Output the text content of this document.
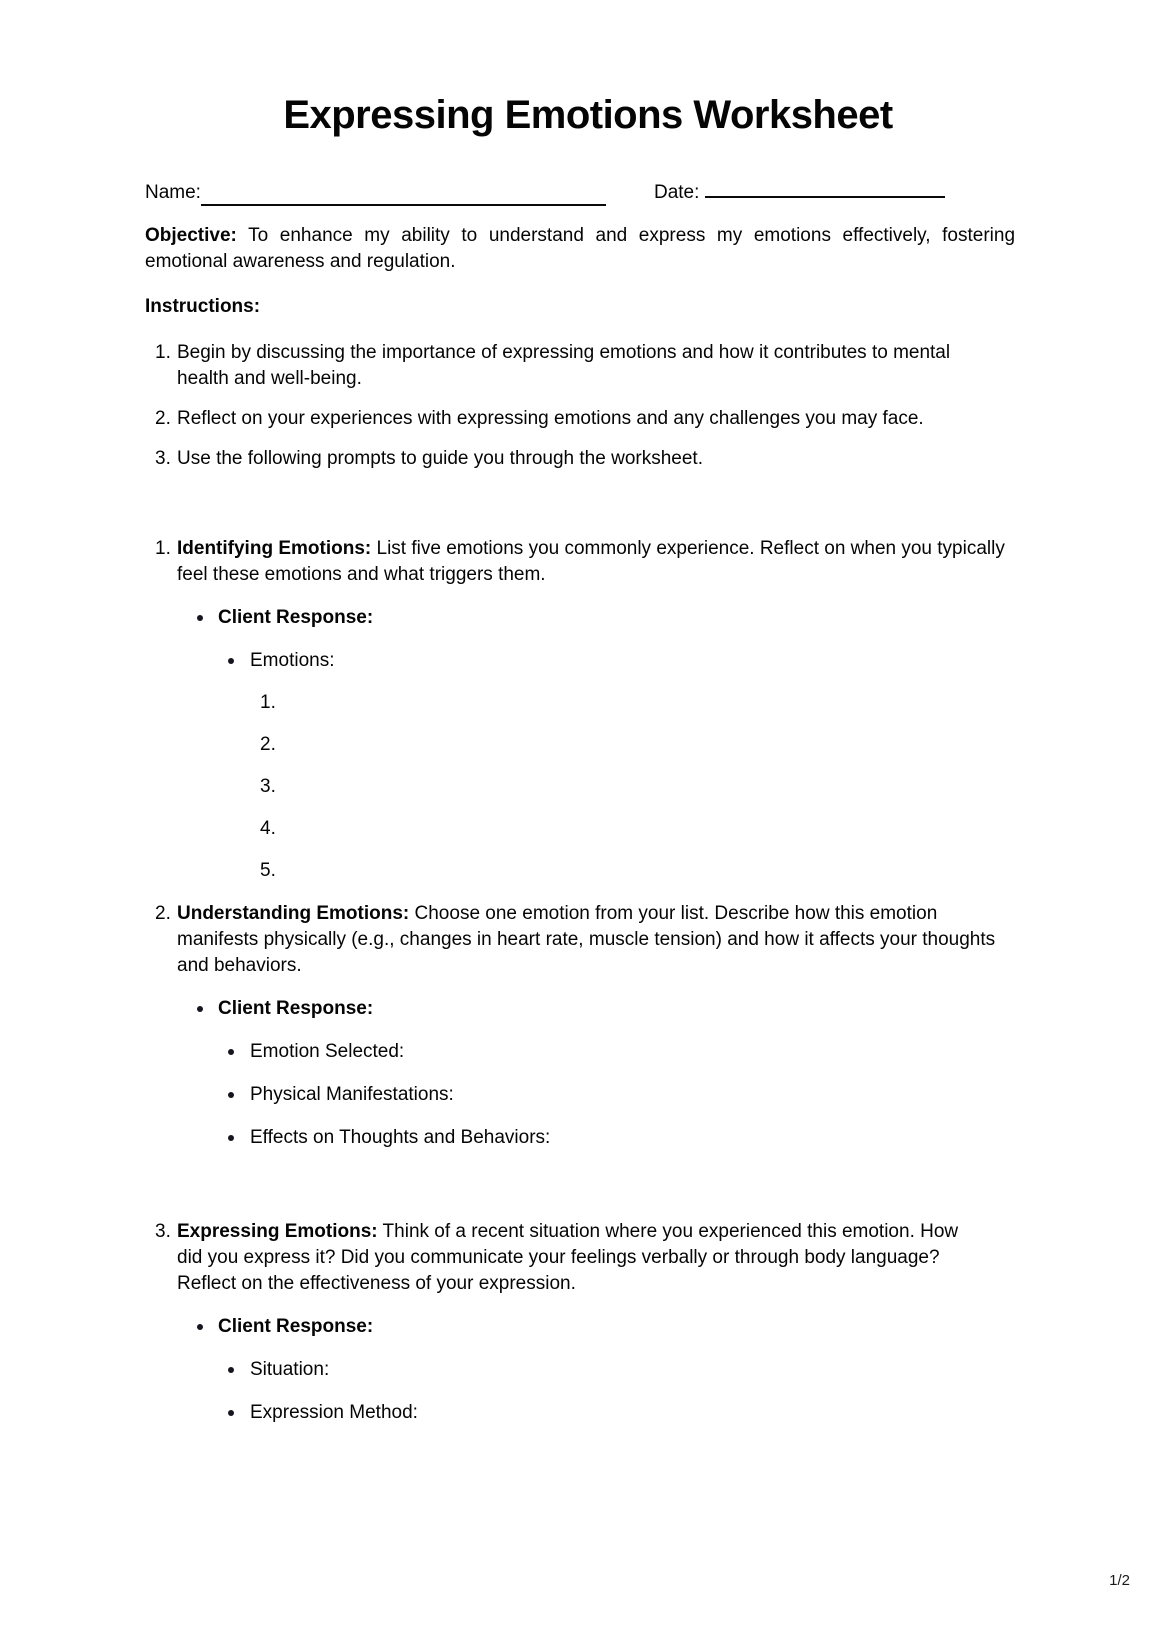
Expressing Emotions Worksheet
Name:	Date:

Objective: To enhance my ability to understand and express my emotions effectively, fostering emotional awareness and regulation.

Instructions:
1. Begin by discussing the importance of expressing emotions and how it contributes to mental health and well-being.
2. Reflect on your experiences with expressing emotions and any challenges you may face.
3. Use the following prompts to guide you through the worksheet.
1. Identifying Emotions: List five emotions you commonly experience. Reflect on when you typically feel these emotions and what triggers them.
Client Response:
Emotions:
1.
2.
3.
4.
5.
2. Understanding Emotions: Choose one emotion from your list. Describe how this emotion manifests physically (e.g., changes in heart rate, muscle tension) and how it affects your thoughts and behaviors.
Client Response:
Emotion Selected:
Physical Manifestations:
Effects on Thoughts and Behaviors:
3. Expressing Emotions: Think of a recent situation where you experienced this emotion. How did you express it? Did you communicate your feelings verbally or through body language? Reflect on the effectiveness of your expression.
Client Response:
Situation:
Expression Method:
1/2
